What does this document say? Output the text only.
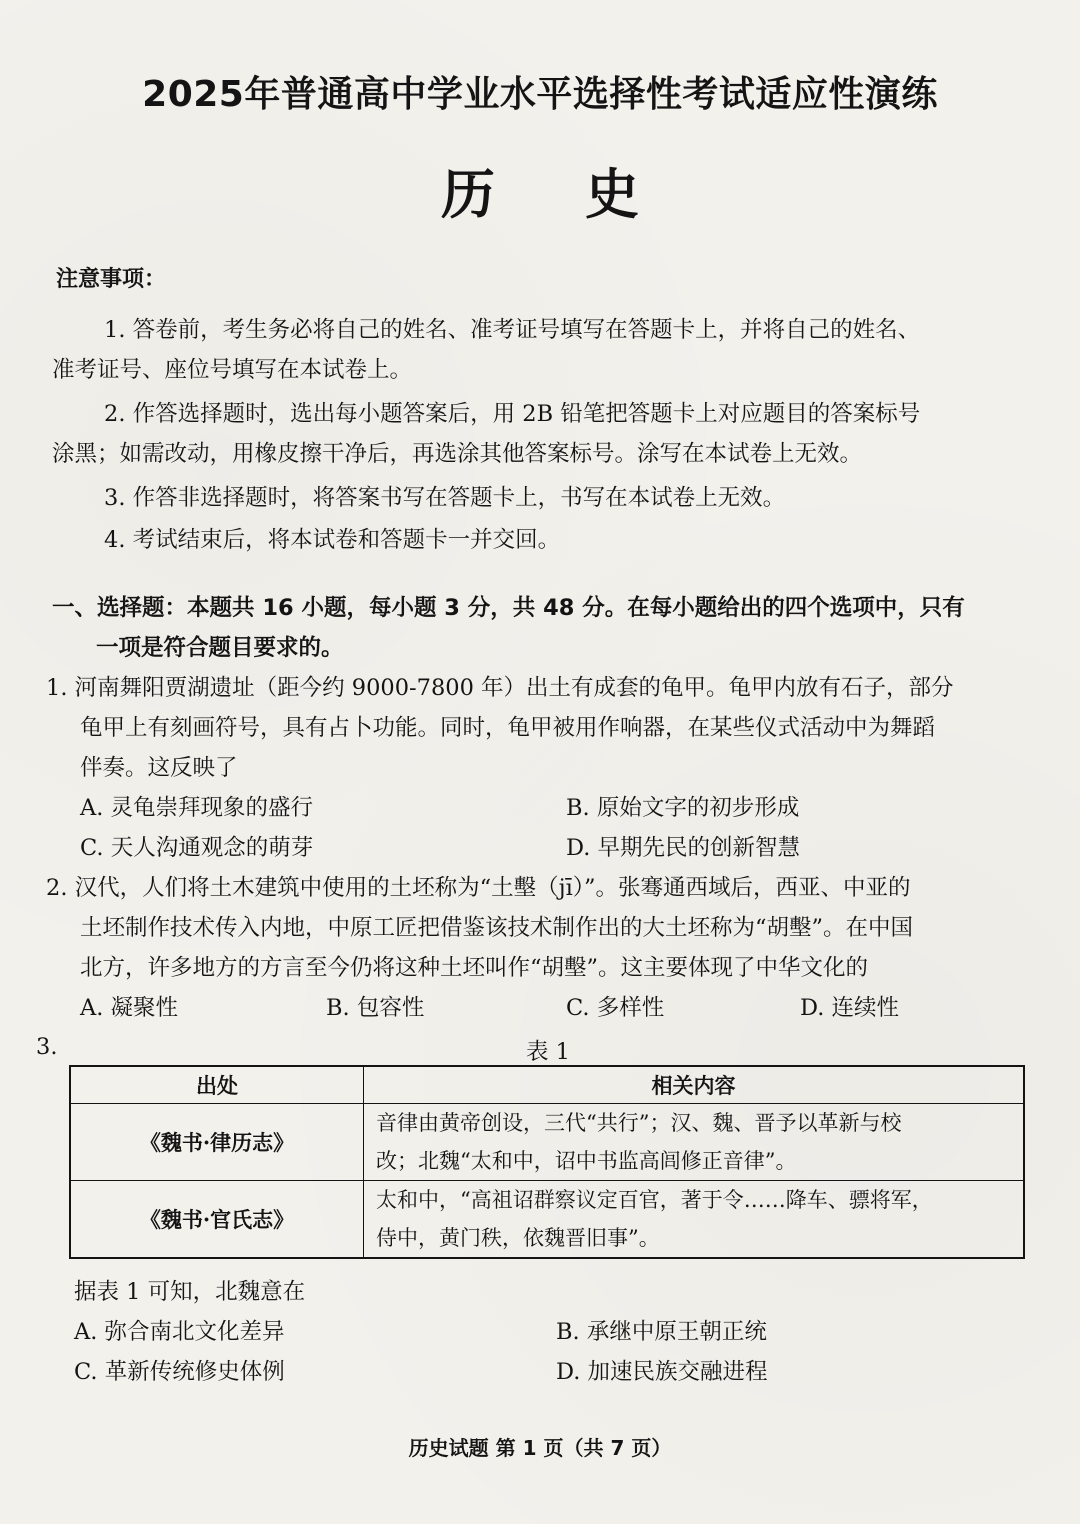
2025年普通高中学业水平选择性考试适应性演练
历史
注意事项：
1. 答卷前，考生务必将自己的姓名、准考证号填写在答题卡上，并将自己的姓名、
准考证号、座位号填写在本试卷上。
2. 作答选择题时，选出每小题答案后，用 2B 铅笔把答题卡上对应题目的答案标号
涂黑；如需改动，用橡皮擦干净后，再选涂其他答案标号。涂写在本试卷上无效。
3. 作答非选择题时，将答案书写在答题卡上，书写在本试卷上无效。
4. 考试结束后，将本试卷和答题卡一并交回。
一、选择题：本题共 16 小题，每小题 3 分，共 48 分。在每小题给出的四个选项中，只有
一项是符合题目要求的。
1. 河南舞阳贾湖遗址（距今约 9000-7800 年）出土有成套的龟甲。龟甲内放有石子，部分
龟甲上有刻画符号，具有占卜功能。同时，龟甲被用作响器，在某些仪式活动中为舞蹈
伴奏。这反映了
A. 灵龟崇拜现象的盛行	B. 原始文字的初步形成
C. 天人沟通观念的萌芽	D. 早期先民的创新智慧
2. 汉代，人们将土木建筑中使用的土坯称为“土墼（jī）”。张骞通西域后，西亚、中亚的
土坯制作技术传入内地，中原工匠把借鉴该技术制作出的大土坯称为“胡墼”。在中国
北方，许多地方的方言至今仍将这种土坯叫作“胡墼”。这主要体现了中华文化的
A. 凝聚性	B. 包容性	C. 多样性	D. 连续性
3.	表 1
出处	相关内容
《魏书·律历志》	音律由黄帝创设，三代“共行”；汉、魏、晋予以革新与校
改；北魏“太和中，诏中书监高闾修正音律”。

《魏书·官氏志》	太和中，“高祖诏群察议定百官，著于令……降车、骠将军，
侍中，黄门秩，依魏晋旧事”。
据表 1 可知，北魏意在
A. 弥合南北文化差异	B. 承继中原王朝正统
C. 革新传统修史体例	D. 加速民族交融进程
历史试题 第 1 页（共 7 页）
